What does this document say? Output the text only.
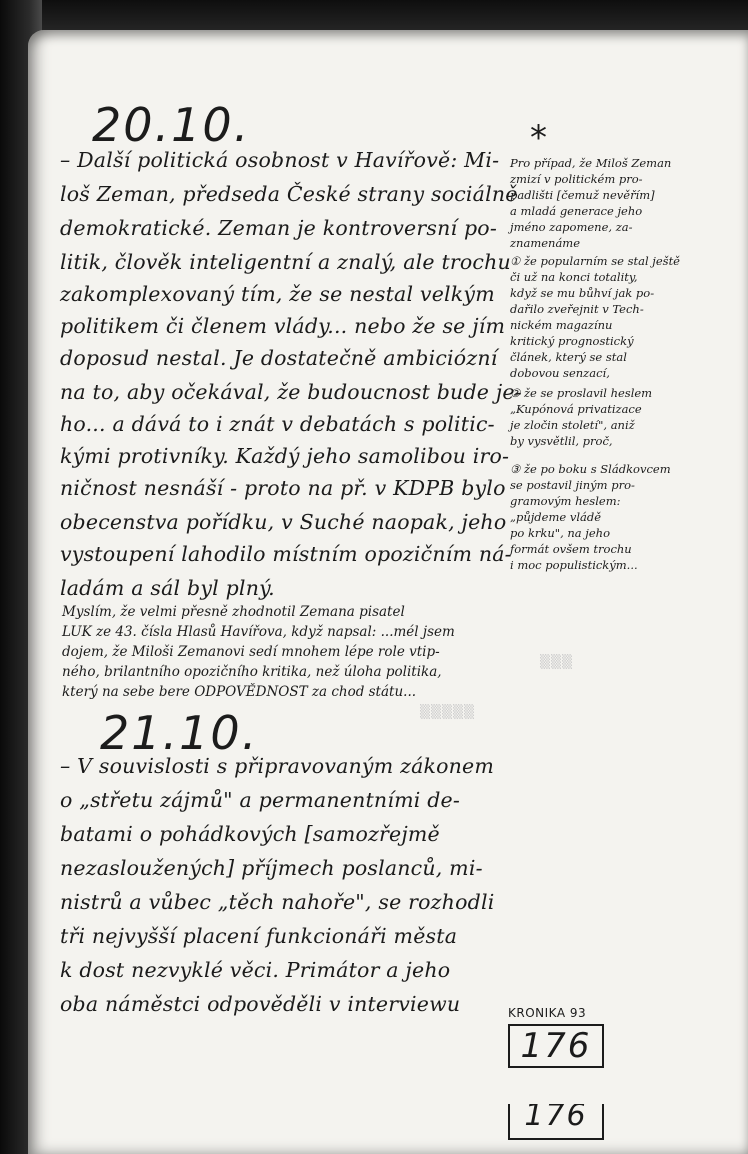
▒▒▒
▒▒▒▒▒
20.10.

– Další politická osobnost v Havířově: Mi-

loš Zeman, předseda České strany sociálně

demokratické. Zeman je kontroversní po-

litik, člověk inteligentní a znalý, ale trochu

zakomplexovaný tím, že se nestal velkým

politikem či členem vlády... nebo že se jím

doposud nestal. Je dostatečně ambiciózní

na to, aby očekával, že budoucnost bude je-

ho... a dává to i znát v debatách s politic-

kými protivníky. Každý jeho samolibou iro-

ničnost nesnáší - proto na př. v KDPB bylo

obecenstva pořídku, v Suché naopak, jeho

vystoupení lahodilo místním opozičním ná-

ladám a sál byl plný.

Myslím, že velmi přesně zhodnotil Zemana pisatel

LUK ze 43. čísla Hlasů Havířova, když napsal: ...mél jsem

dojem, že Miloši Zemanovi sedí mnohem lépe role vtip-

ného, brilantního opozičního kritika, než úloha politika,

který na sebe bere ODPOVĚDNOST za chod státu...

21.10.

– V souvislosti s připravovaným zákonem

o „střetu zájmů" a permanentními de-

batami o pohádkových [samozřejmě

nezasloužených] příjmech poslanců, mi-

nistrů a vůbec „těch nahoře", se rozhodli

tři nejvyšší placení funkcionáři města

k dost nezvyklé věci. Primátor a jeho

oba náměstci odpověděli v interviewu

*

Pro případ, že Miloš Zeman

zmizí v politickém pro-

padlišti [čemuž nevěřím]

a mladá generace jeho

jméno zapomene, za-

znamenáme

① že popularním se stal ještě

či už na konci totality,

když se mu bůhví jak po-

dařilo zveřejnit v Tech-

nickém magazínu

kritický prognostický

článek, který se stal

dobovou senzací,

② že se proslavil heslem

„Kupónová privatizace

je zločin století", aniž

by vysvětlil, proč,

③ že po boku s Sládkovcem

se postavil jiným pro-

gramovým heslem:

„půjdeme vládě

po krku", na jeho

formát ovšem trochu

i moc populistickým...

KRONIKA 93
176
176
